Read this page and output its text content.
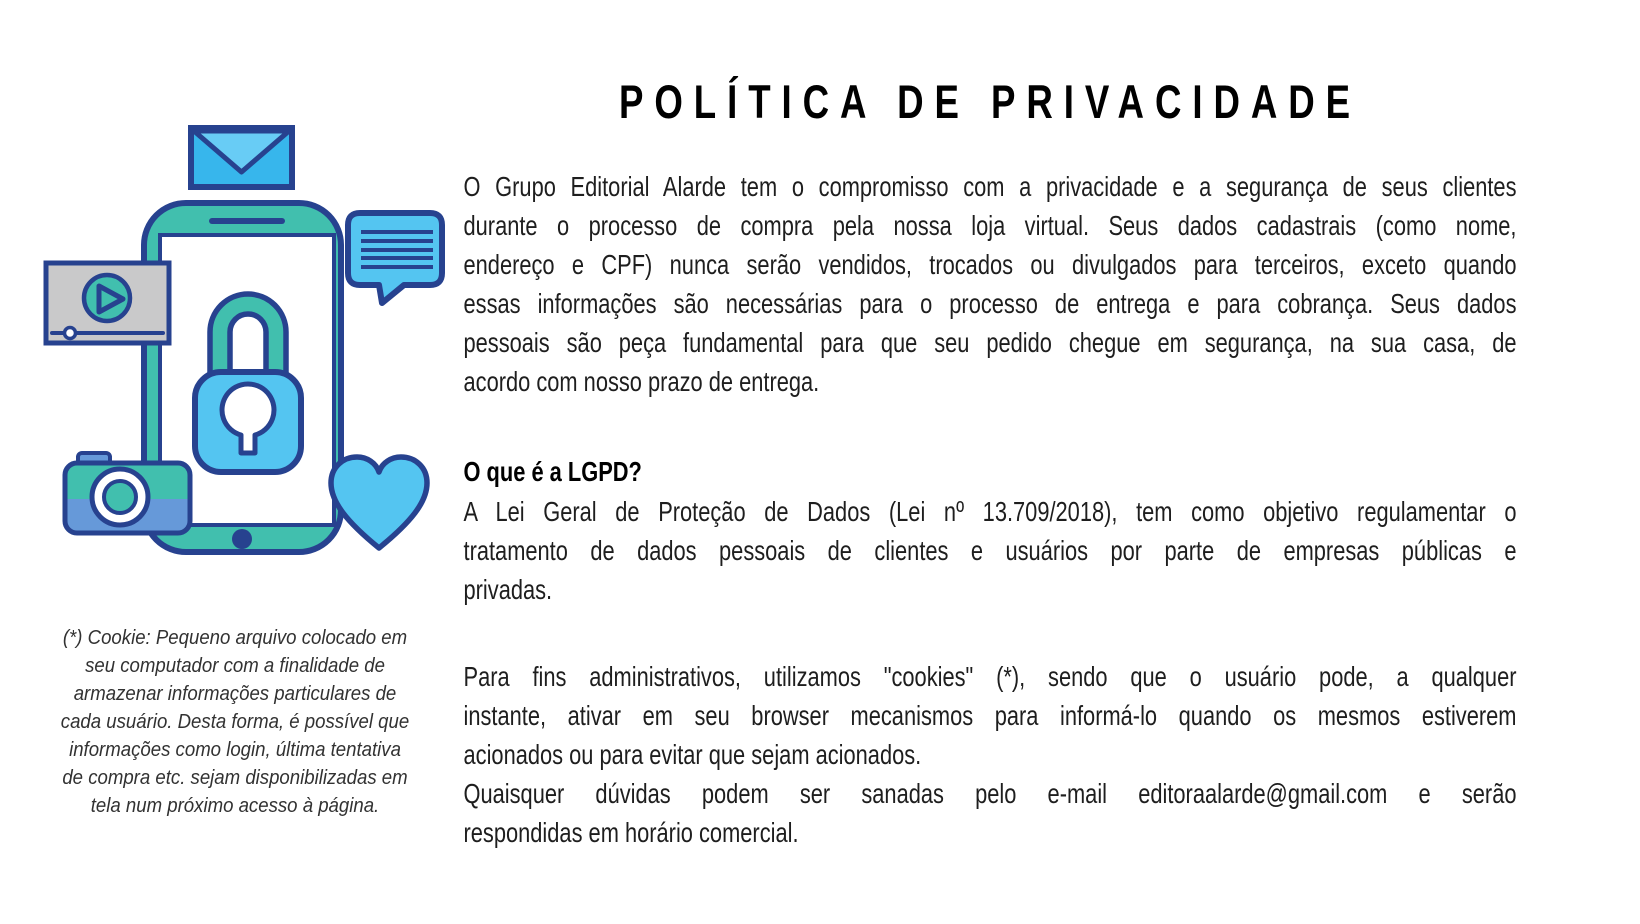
(*) Cookie: Pequeno arquivo colocado em
seu computador com a finalidade de
armazenar informações particulares de
cada usuário. Desta forma, é possível que
informações como login, última tentativa
de compra etc. sejam disponibilizadas em
tela num próximo acesso à página.
POLÍTICA DE PRIVACIDADE
O Grupo Editorial Alarde tem o compromisso com a privacidade e a segurança de seus clientes
durante o processo de compra pela nossa loja virtual. Seus dados cadastrais (como nome,
endereço e CPF) nunca serão vendidos, trocados ou divulgados para terceiros, exceto quando
essas informações são necessárias para o processo de entrega e para cobrança. Seus dados
pessoais são peça fundamental para que seu pedido chegue em segurança, na sua casa, de
acordo com nosso prazo de entrega.
O que é a LGPD?
A Lei Geral de Proteção de Dados (Lei nº 13.709/2018), tem como objetivo regulamentar o
tratamento de dados pessoais de clientes e usuários por parte de empresas públicas e
privadas.
Para fins administrativos, utilizamos "cookies" (*), sendo que o usuário pode, a qualquer
instante, ativar em seu browser mecanismos para informá-lo quando os mesmos estiverem
acionados ou para evitar que sejam acionados.
Quaisquer dúvidas podem ser sanadas pelo e-mail editoraalarde@gmail.com e serão
respondidas em horário comercial.
